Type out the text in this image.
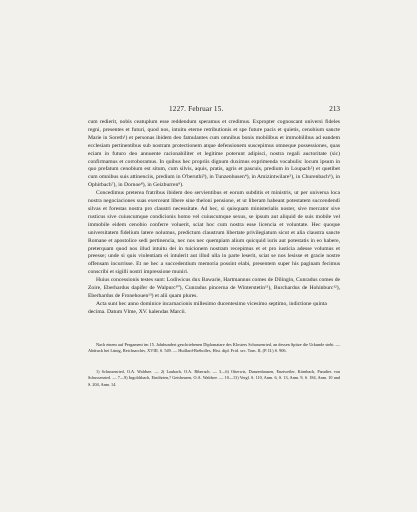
1227. Februar 15.	213

cum redierit, nobis ceatuplum esse reddendum speramus et credimus. Expropter cognoscant universi fideles regni, presentes et futuri, quod nos, intuitu eterne retributionis et spe future pacis et quietis, cenobium sancte Marie in Soreth¹) et personas ibidem deo famulantes cum omnibus bonis mobilibus et immobilibus ad eandem ecclesiam pertinentibus sub nostram protectionem atque defensionem suscepimus omneque possessiones, quas eciam in futuro deo annuente racionabiliter et legitime poterunt adipisci, nostra regali auctoritate (sic) confirmamus et corroboramus. In quibus hec propriis dignum duximus exprimenda vocabulis: locum ipsum in quo prefatum cenobium est situm, cum silvis, aquis, pratis, agris et pascuis, predium in Loupach²) et quetibet cum omnibus suis attinenciis, predium in O'beruthi³), in Tunzenhusen⁴), in Amizintwilare⁵), in Churenbach⁶), in Ophirbach⁷), in Dornoe⁸), in Geizburren⁹).

Concedimus preterea fratribus ibidem deo servientibus et eorum subditis et ministris, ut per universa loca nostra negociaciones suas exerceant libere sine theloni pensione, et ut liberam habeant potestatem succendendi silvas et forestas nostra pro claustri necessitate. Ad hec, si quisquam ministerialis noster, sive mercator sive rusticus sive cuiuscumque condicionis homo vel cuiuscumque sexus, se ipsum aut aliquid de suis mobile vel immobile eidem cenobio conferre voluerit, sciat hoc cum nostra esse licencia et voluntate. Hec quoque universitatem fidelium latere nolumus, predictum claustrum libertate privilegiatum sicut et alia claustra sancte Romane et apostolice sedi pertinencia, nec nos nec quempiam alium quicquid iuris aut potestatis in eo habere, preterquam quod nos illud intuitu dei in tuicionem nostram recepimus et et pro iusticia adesse volumus et preesse; unde si quis violentiam ei intulerit aut illud ulla in parte leserit, sciat se nos lesisse et gracie nostre offensam incurrisse. Et ne hec a succedentium memoria possint elabi, presentem super his paginam fecimus conscribi et sigilli nostri impressione muniri.

Huius concessionis testes sunt: Lodiwicus dux Bawarie, Hartmannus comes de Dilingin, Cunradus comes de Zoire, Eberhardus dapifer de Walpurc¹⁰), Cunradus pincerna de Winterstetin¹¹), Burchardus de Hohinburc¹²), Eberhardus de Fronehouen¹³) et alii quam plures.

Acta sunt hec anno dominice incarnacionis millesimo ducentesimo vicesimo septimo, indictione quinta decima. Datum Vlme, XV. kalendas Marcii.

Nach einem auf Pergament im 15. Jahrhundert geschriebenen Diplomatare des Klosters Schussenried, an dessen Spitze die Urkunde steht. — Abdruck bei Lünig, Reichsarchiv, XVIII, S. 549. — Huillard-Bréholles, Hist. dipl. Frid. sec. Tom. II, (P. II.) S. 906.

1) Schussenried, O.A. Waldsee. — 2) Laubach, O.A. Biberach. — 3—6) Otterwis, Dunzenhausen, Enztweiler, Kürnbach, Paradies von Schussenried. — 7—9) Ingoldsbach, Einöhrien,? Geisbeuren, O.A. Waldsee. — 10—13) Vergl. S. 110, Anm. 6, S. 13, Anm. 9, S. 184, Anm. 10 und S. 204, Anm. 14.
